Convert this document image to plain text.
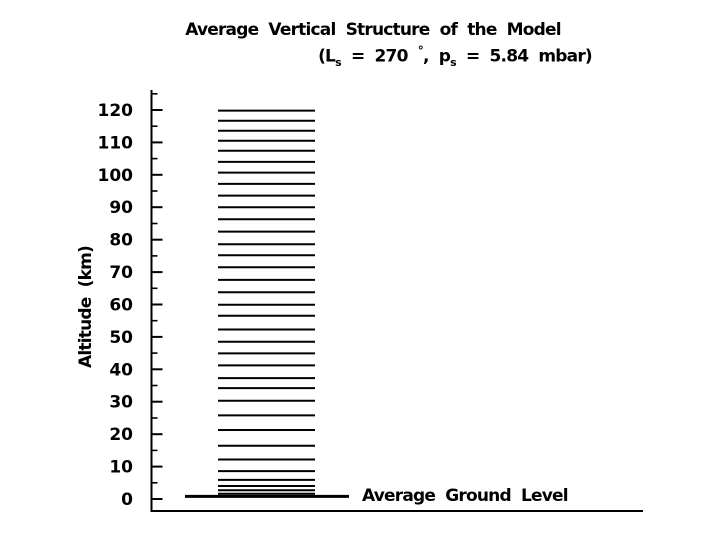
Average Vertical Structure of the Model
($L_s = 270$ °, $p_s = 5.84$ mbar)
Altitude (km)
0
10
20
30
40
50
60
70
80
90
100
110
120
Average Ground Level
